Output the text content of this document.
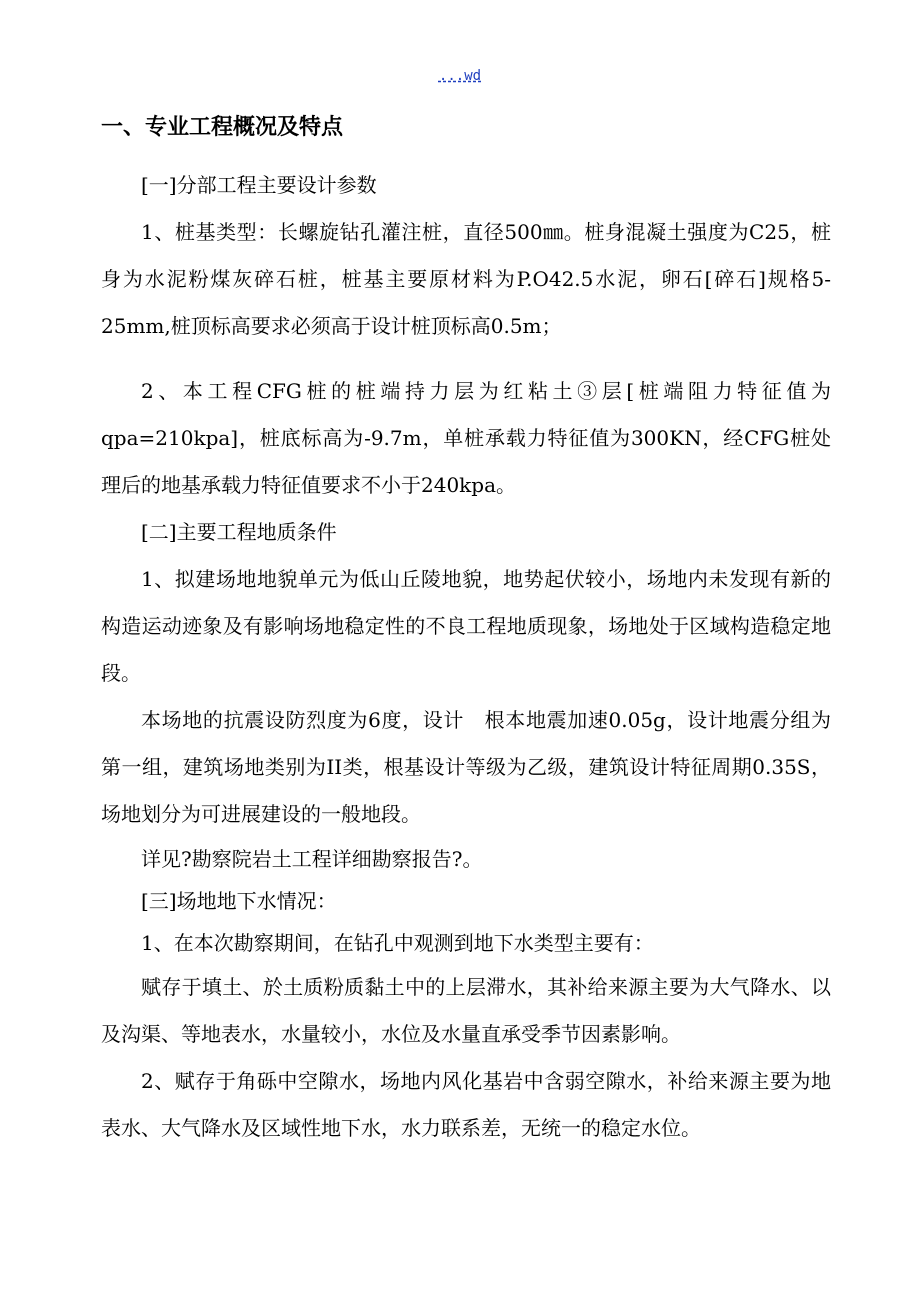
...wd
一、专业工程概况及特点

[一]分部工程主要设计参数

1、桩基类型：长螺旋钻孔灌注桩，直径500㎜。桩身混凝土强度为C25，桩身为水泥粉煤灰碎石桩，桩基主要原材料为P.O42.5水泥，卵石[碎石]规格5-25mm,桩顶标高要求必须高于设计桩顶标高0.5m；

2、本工程CFG桩的桩端持力层为红粘土③层[桩端阻力特征值为qpa=210kpa]，桩底标高为-9.7m，单桩承载力特征值为300KN，经CFG桩处理后的地基承载力特征值要求不小于240kpa。

[二]主要工程地质条件

1、拟建场地地貌单元为低山丘陵地貌，地势起伏较小，场地内未发现有新的构造运动迹象及有影响场地稳定性的不良工程地质现象，场地处于区域构造稳定地段。

本场地的抗震设防烈度为6度，设计　根本地震加速0.05g，设计地震分组为第一组，建筑场地类别为II类，根基设计等级为乙级，建筑设计特征周期0.35S，场地划分为可进展建设的一般地段。

详见?勘察院岩土工程详细勘察报告?。

[三]场地地下水情况：

1、在本次勘察期间，在钻孔中观测到地下水类型主要有：

赋存于填土、於土质粉质黏土中的上层滞水，其补给来源主要为大气降水、以及沟渠、等地表水，水量较小，水位及水量直承受季节因素影响。

2、赋存于角砾中空隙水，场地内风化基岩中含弱空隙水，补给来源主要为地表水、大气降水及区域性地下水，水力联系差，无统一的稳定水位。
